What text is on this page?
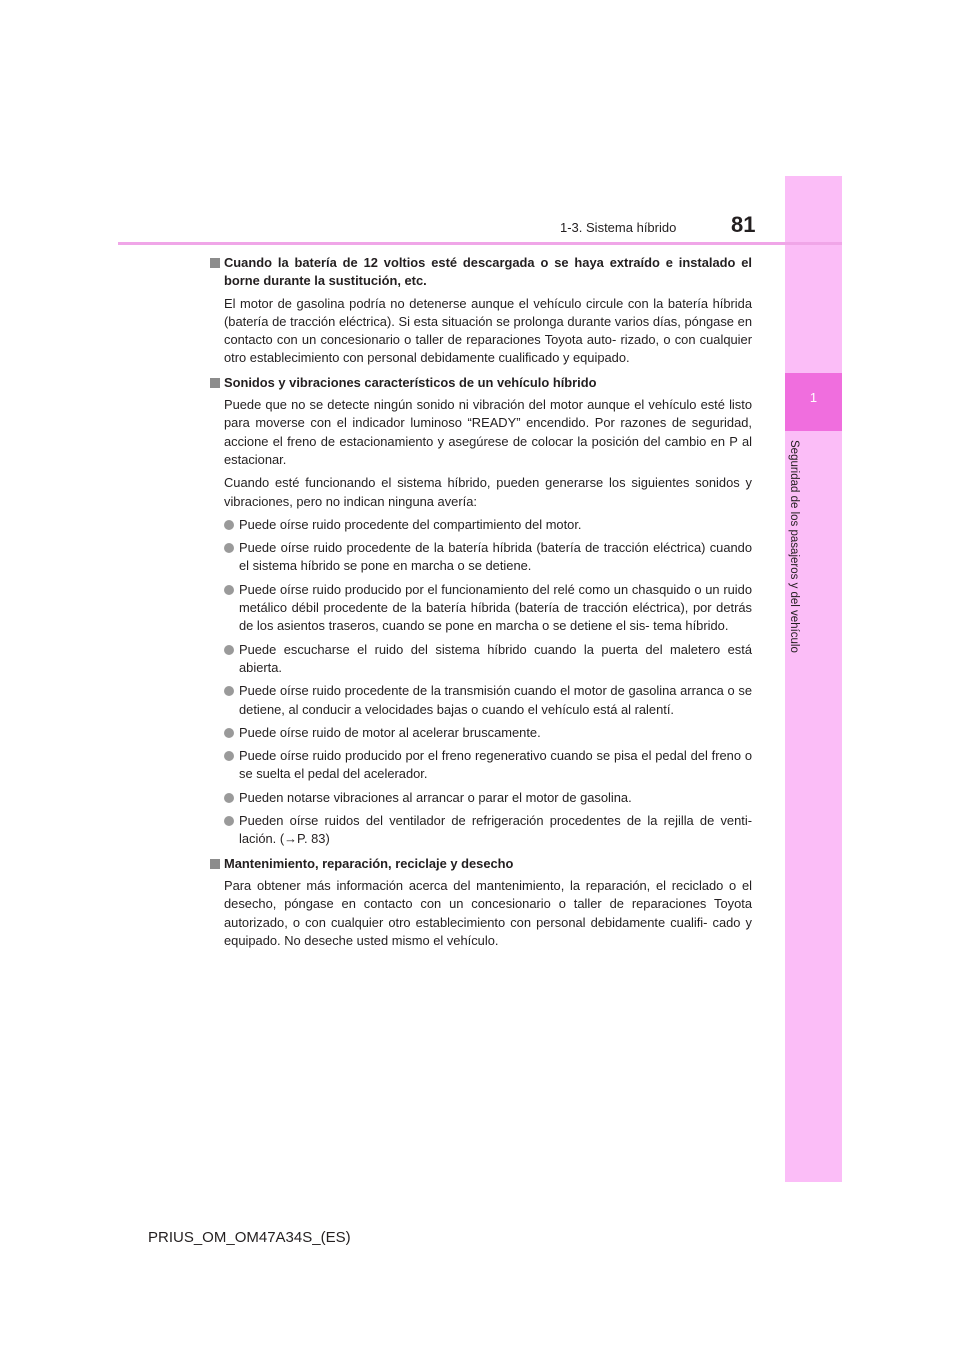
1
Seguridad de los pasajeros y del vehículo
1-3. Sistema híbrido 81
Cuando la batería de 12 voltios esté descargada o se haya extraído e instalado el borne durante la sustitución, etc.
El motor de gasolina podría no detenerse aunque el vehículo circule con la batería híbrida (batería de tracción eléctrica). Si esta situación se prolonga durante varios días, póngase en contacto con un concesionario o taller de reparaciones Toyota auto- rizado, o con cualquier otro establecimiento con personal debidamente cualificado y equipado.
Sonidos y vibraciones característicos de un vehículo híbrido
Puede que no se detecte ningún sonido ni vibración del motor aunque el vehículo esté listo para moverse con el indicador luminoso “READY” encendido. Por razones de seguridad, accione el freno de estacionamiento y asegúrese de colocar la posición del cambio en P al estacionar.
Cuando esté funcionando el sistema híbrido, pueden generarse los siguientes sonidos y vibraciones, pero no indican ninguna avería:
Puede oírse ruido procedente del compartimiento del motor.
Puede oírse ruido procedente de la batería híbrida (batería de tracción eléctrica) cuando el sistema híbrido se pone en marcha o se detiene.
Puede oírse ruido producido por el funcionamiento del relé como un chasquido o un ruido metálico débil procedente de la batería híbrida (batería de tracción eléctrica), por detrás de los asientos traseros, cuando se pone en marcha o se detiene el sis- tema híbrido.
Puede escucharse el ruido del sistema híbrido cuando la puerta del maletero está abierta.
Puede oírse ruido procedente de la transmisión cuando el motor de gasolina arranca o se detiene, al conducir a velocidades bajas o cuando el vehículo está al ralentí.
Puede oírse ruido de motor al acelerar bruscamente.
Puede oírse ruido producido por el freno regenerativo cuando se pisa el pedal del freno o se suelta el pedal del acelerador.
Pueden notarse vibraciones al arrancar o parar el motor de gasolina.
Pueden oírse ruidos del ventilador de refrigeración procedentes de la rejilla de venti- lación. (→P. 83)
Mantenimiento, reparación, reciclaje y desecho
Para obtener más información acerca del mantenimiento, la reparación, el reciclado o el desecho, póngase en contacto con un concesionario o taller de reparaciones Toyota autorizado, o con cualquier otro establecimiento con personal debidamente cualifi- cado y equipado. No deseche usted mismo el vehículo.
PRIUS_OM_OM47A34S_(ES)
